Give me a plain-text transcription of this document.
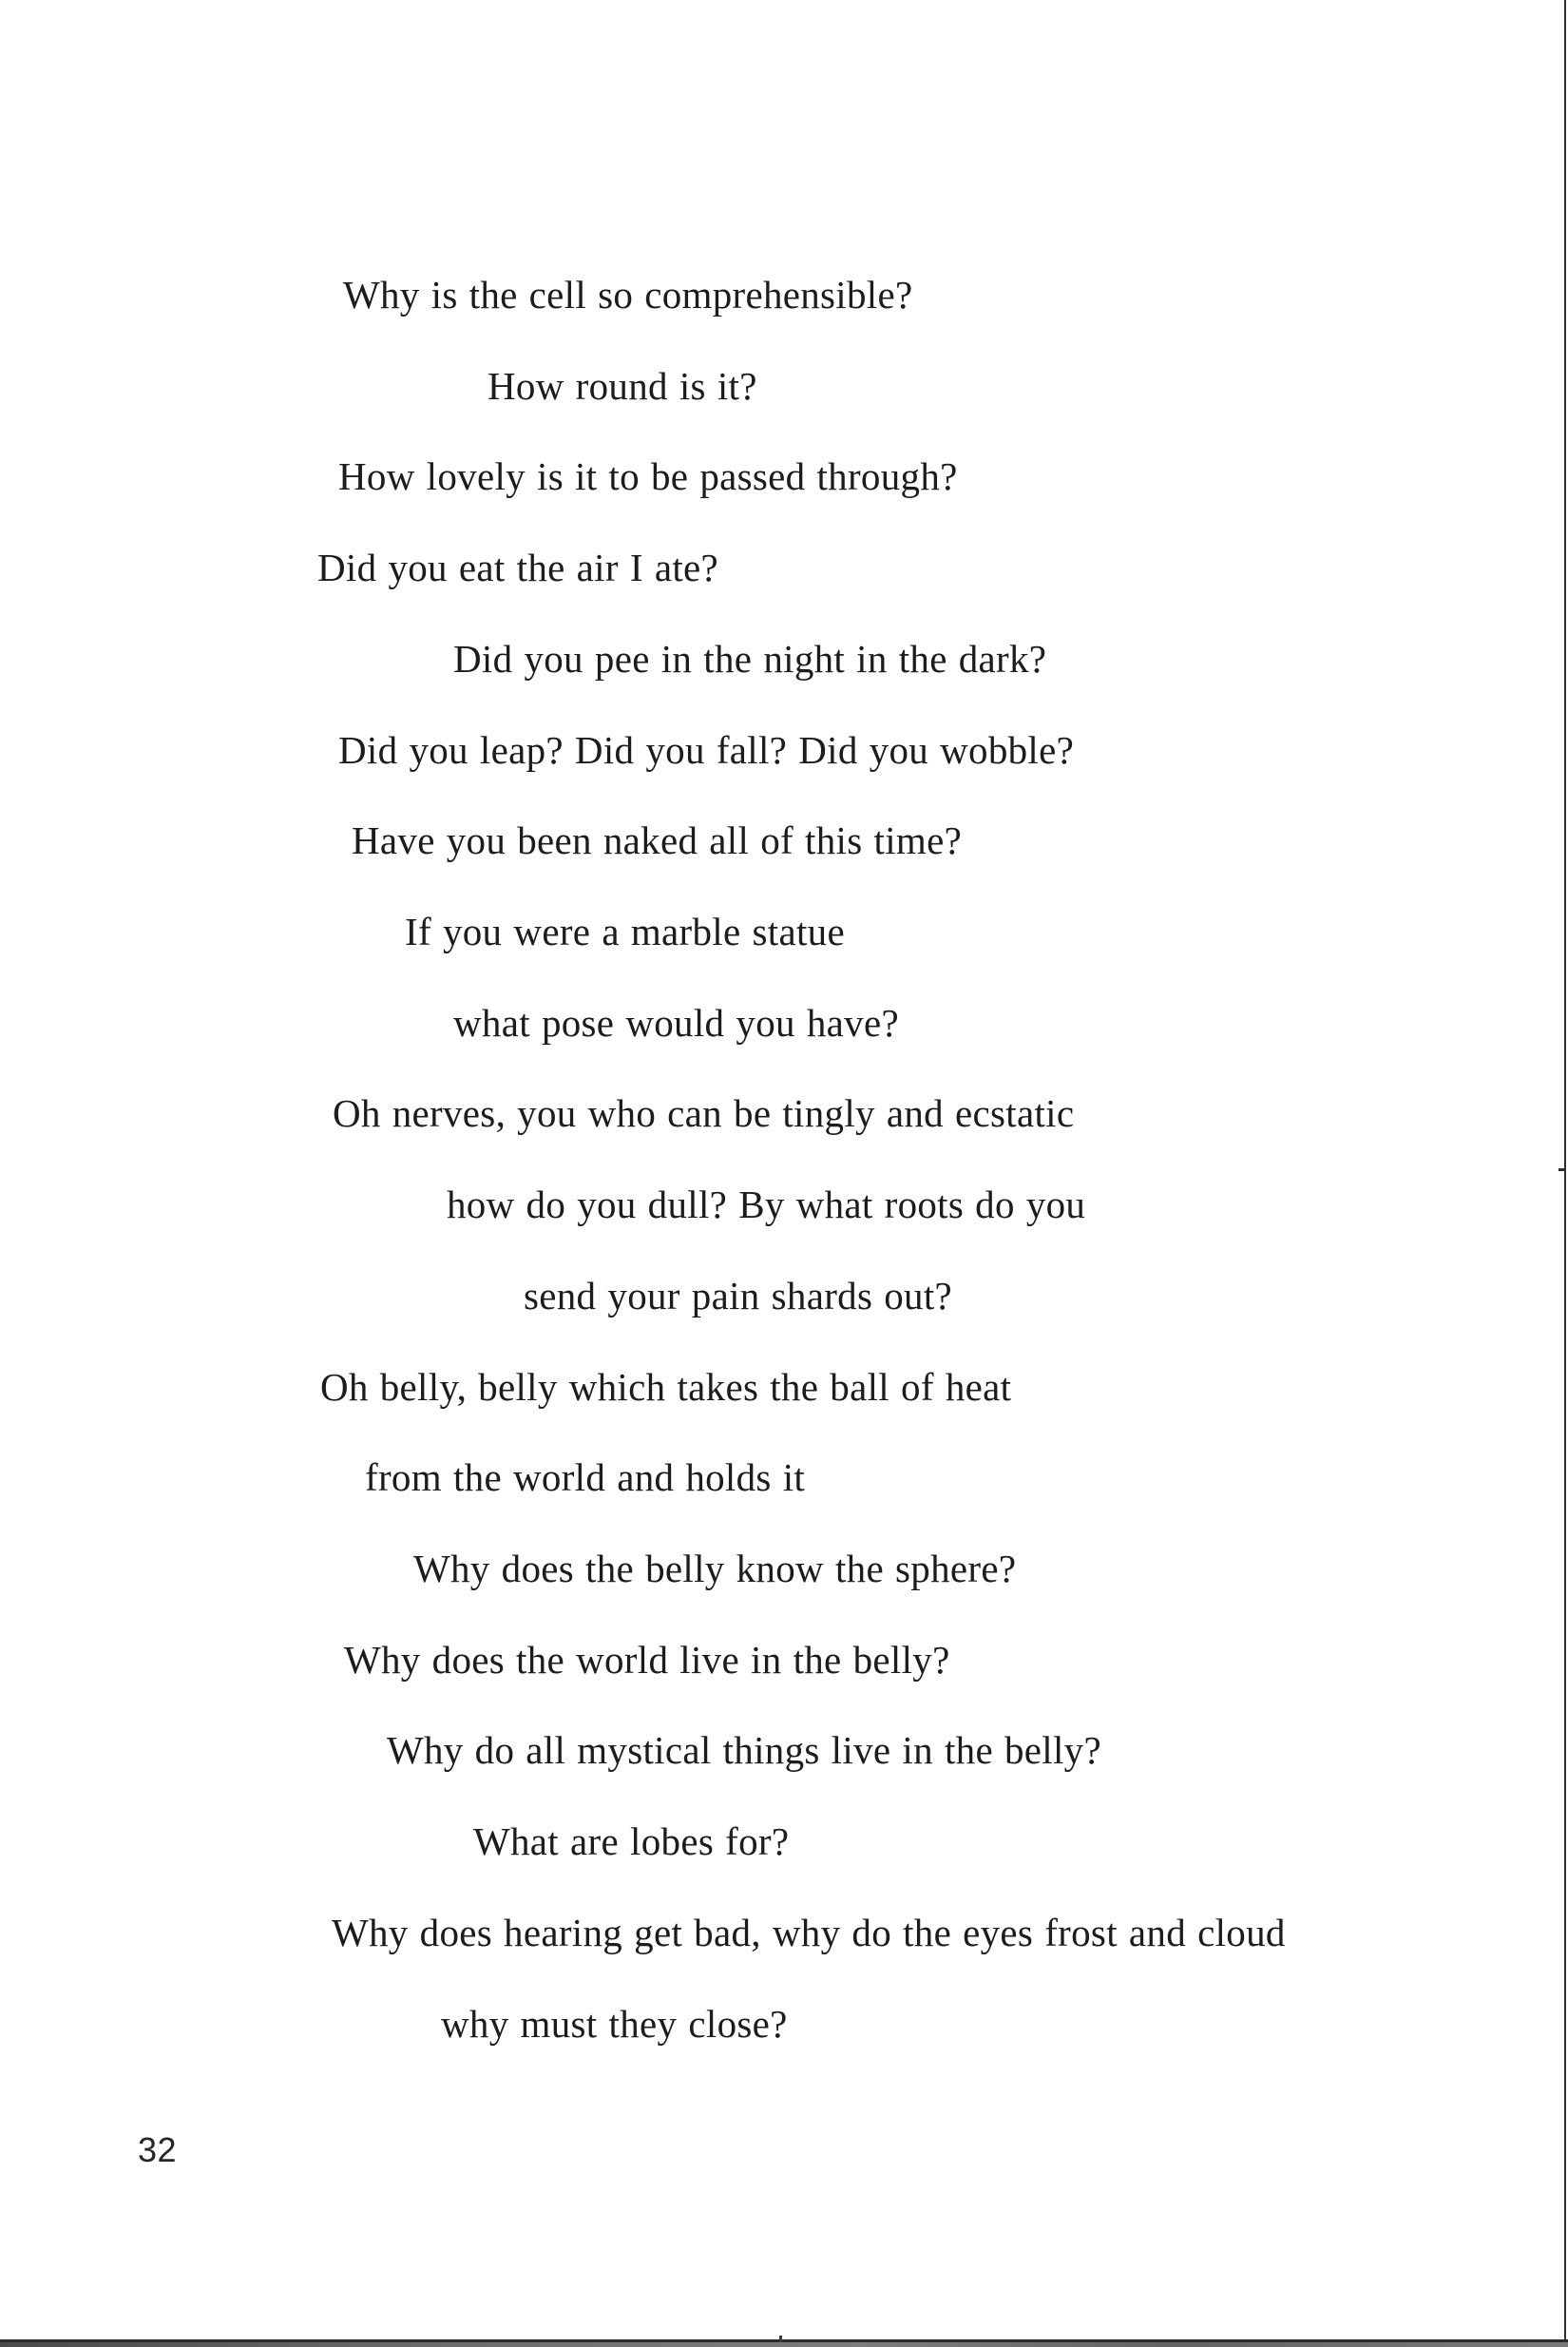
Why is the cell so comprehensible?
How round is it?
How lovely is it to be passed through?
Did you eat the air I ate?
Did you pee in the night in the dark?
Did you leap? Did you fall? Did you wobble?
Have you been naked all of this time?
If you were a marble statue
what pose would you have?
Oh nerves, you who can be tingly and ecstatic
how do you dull? By what roots do you
send your pain shards out?
Oh belly, belly which takes the ball of heat
from the world and holds it
Why does the belly know the sphere?
Why does the world live in the belly?
Why do all mystical things live in the belly?
What are lobes for?
Why does hearing get bad, why do the eyes frost and cloud
why must they close?
32
